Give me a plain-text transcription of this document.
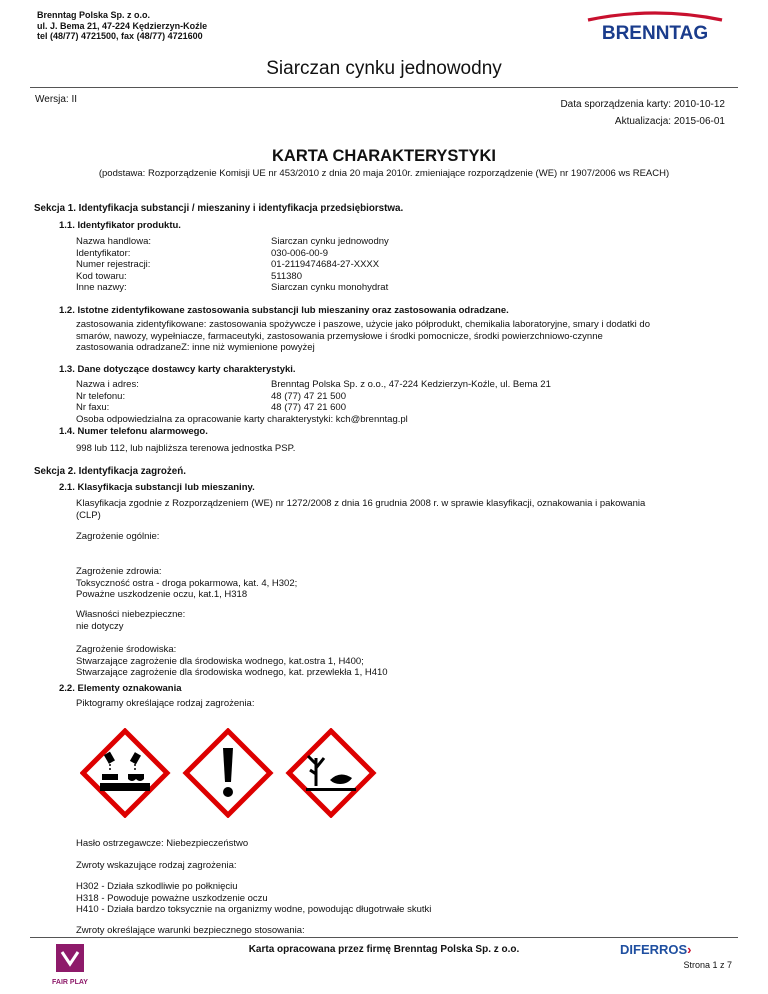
Brenntag Polska Sp. z o.o.
ul. J. Bema 21, 47-224 Kędzierzyn-Koźle
tel (48/77) 4721500, fax (48/77) 4721600	BRENNTAG
Siarczan cynku jednowodny
Wersja: II	Data sporządzenia karty: 2010-10-12
Aktualizacja: 2015-06-01
KARTA CHARAKTERYSTYKI
(podstawa: Rozporządzenie Komisji UE nr 453/2010 z dnia 20 maja 2010r. zmieniające rozporządzenie (WE) nr 1907/2006 ws REACH)
Sekcja 1. Identyfikacja substancji / mieszaniny i identyfikacja przedsiębiorstwa.
1.1. Identyfikator produktu.
Nazwa handlowa:	Siarczan cynku jednowodny
Identyfikator:	030-006-00-9
Numer rejestracji:	01-2119474684-27-XXXX
Kod towaru:	511380
Inne nazwy:	Siarczan cynku monohydrat
1.2. Istotne zidentyfikowane zastosowania substancji lub mieszaniny oraz zastosowania odradzane.
zastosowania zidentyfikowane: zastosowania spożywcze i paszowe, użycie jako półprodukt, chemikalia laboratoryjne, smary i dodatki do
smarów, nawozy, wypełniacze, farmaceutyki, zastosowania przemysłowe i środki pomocnicze, środki powierzchniowo-czynne
zastosowania odradzaneZ: inne niż wymienione powyżej
1.3. Dane dotyczące dostawcy karty charakterystyki.
Nazwa i adres:	Brenntag Polska Sp. z o.o., 47-224 Kedzierzyn-Koźle, ul. Bema 21
Nr telefonu:	48 (77) 47 21 500
Nr faxu:	48 (77) 47 21 600
Osoba odpowiedzialna za opracowanie karty charakterystyki: kch@brenntag.pl
1.4. Numer telefonu alarmowego.
998 lub 112, lub najbliższa terenowa jednostka PSP.
Sekcja 2. Identyfikacja zagrożeń.
2.1. Klasyfikacja substancji lub mieszaniny.
Klasyfikacja zgodnie z Rozporządzeniem (WE) nr 1272/2008 z dnia 16 grudnia 2008 r. w sprawie klasyfikacji, oznakowania i pakowania
(CLP)
Zagrożenie ogólnie:
Zagrożenie zdrowia:
Toksyczność ostra - droga pokarmowa, kat. 4, H302;
Poważne uszkodzenie oczu, kat.1, H318
Własności niebezpieczne:
nie dotyczy
Zagrożenie środowiska:
Stwarzające zagrożenie dla środowiska wodnego, kat.ostra 1, H400;
Stwarzające zagrożenie dla środowiska wodnego, kat. przewlekła 1, H410
2.2. Elementy oznakowania
Piktogramy określające rodzaj zagrożenia:
Hasło ostrzegawcze: Niebezpieczeństwo
Zwroty wskazujące rodzaj zagrożenia:
H302 - Działa szkodliwie po połknięciu
H318 - Powoduje poważne uszkodzenie oczu
H410 - Działa bardzo toksycznie na organizmy wodne, powodując długotrwałe skutki
Zwroty określające warunki bezpiecznego stosowania:
FAIR PLAY
Karta opracowana przez firmę Brenntag Polska Sp. z o.o.	DIFERROS›
Strona 1 z 7
